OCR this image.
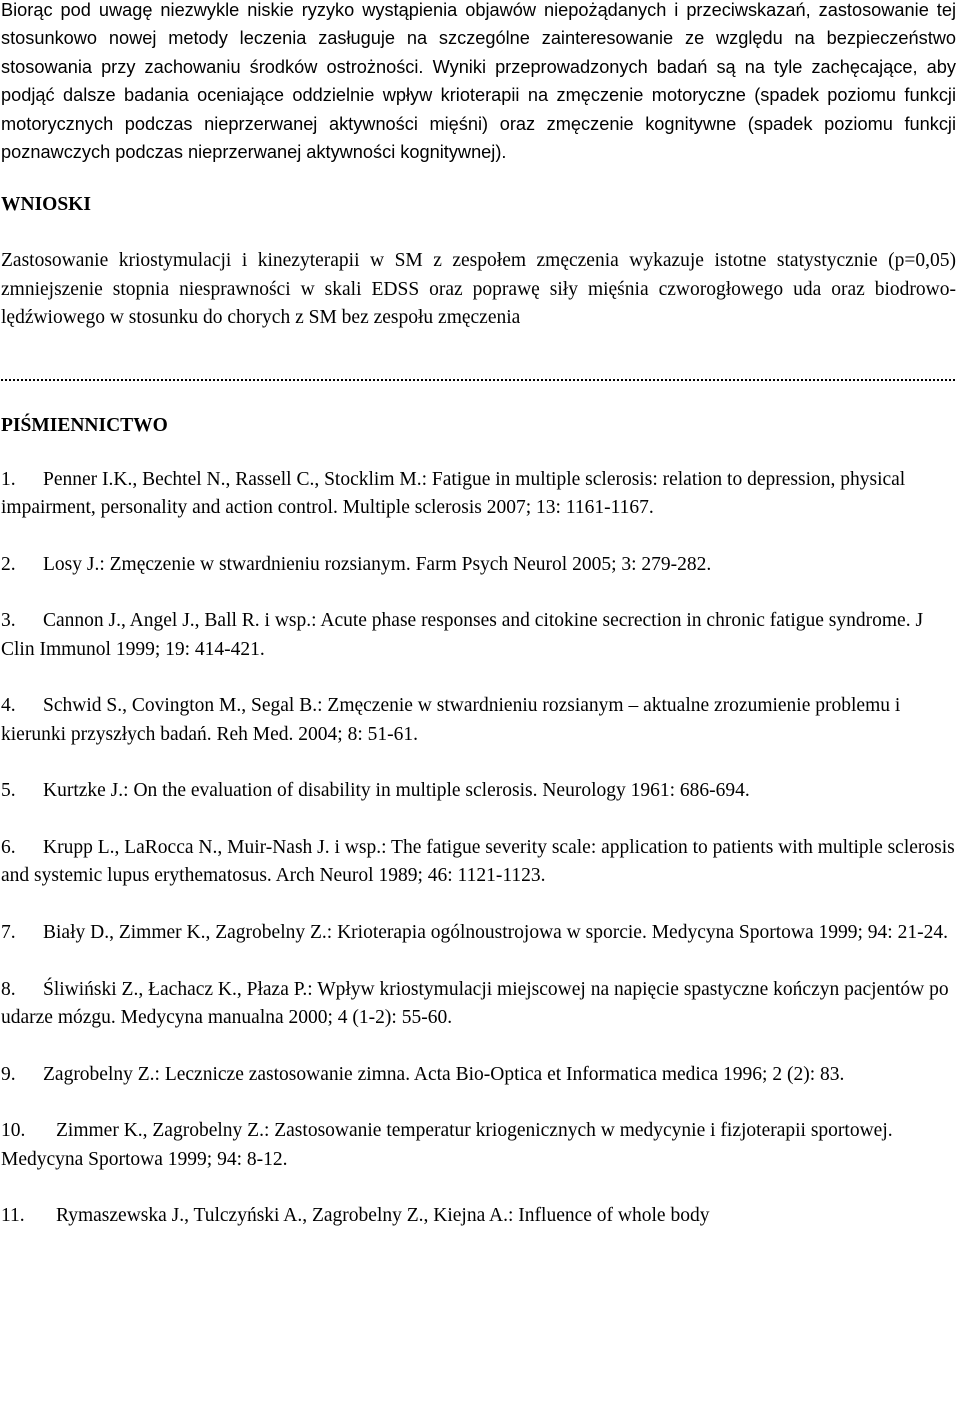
Biorąc pod uwagę niezwykle niskie ryzyko wystąpienia objawów niepożądanych i przeciwskazań, zastosowanie tej stosunkowo nowej metody leczenia zasługuje na szczególne zainteresowanie ze względu na bezpieczeństwo stosowania przy zachowaniu środków ostrożności. Wyniki przeprowadzonych badań są na tyle zachęcające, aby podjąć dalsze badania oceniające oddzielnie wpływ krioterapii na zmęczenie motoryczne (spadek poziomu funkcji motorycznych podczas nieprzerwanej aktywności mięśni) oraz zmęczenie kognitywne (spadek poziomu funkcji poznawczych podczas nieprzerwanej aktywności kognitywnej).

WNIOSKI

Zastosowanie kriostymulacji i kinezyterapii w SM z zespołem zmęczenia wykazuje istotne statystycznie (p=0,05) zmniejszenie stopnia niesprawności w skali EDSS oraz poprawę siły mięśnia czworogłowego uda oraz biodrowo-lędźwiowego w stosunku do chorych z SM bez zespołu zmęczenia

PIŚMIENNICTWO
1. Penner I.K., Bechtel N., Rassell C., Stocklim M.: Fatigue in multiple sclerosis: relation to depression, physical impairment, personality and action control. Multiple sclerosis 2007; 13: 1161-1167.
2. Losy J.: Zmęczenie w stwardnieniu rozsianym. Farm Psych Neurol 2005; 3: 279-282.
3. Cannon J., Angel J., Ball R. i wsp.: Acute phase responses and citokine secrection in chronic fatigue syndrome. J Clin Immunol 1999; 19: 414-421.
4. Schwid S., Covington M., Segal B.: Zmęczenie w stwardnieniu rozsianym – aktualne zrozumienie problemu i kierunki przyszłych badań. Reh Med. 2004; 8: 51-61.
5. Kurtzke J.: On the evaluation of disability in multiple sclerosis. Neurology 1961: 686-694.
6. Krupp L., LaRocca N., Muir-Nash J. i wsp.: The fatigue severity scale: application to patients with multiple sclerosis and systemic lupus erythematosus. Arch Neurol 1989; 46: 1121-1123.
7. Biały D., Zimmer K., Zagrobelny Z.: Krioterapia ogólnoustrojowa w sporcie. Medycyna Sportowa 1999; 94: 21-24.
8. Śliwiński Z., Łachacz K., Płaza P.: Wpływ kriostymulacji miejscowej na napięcie spastyczne kończyn pacjentów po udarze mózgu. Medycyna manualna 2000; 4 (1-2): 55-60.
9. Zagrobelny Z.: Lecznicze zastosowanie zimna. Acta Bio-Optica et Informatica medica 1996; 2 (2): 83.
10. Zimmer K., Zagrobelny Z.: Zastosowanie temperatur kriogenicznych w medycynie i fizjoterapii sportowej. Medycyna Sportowa 1999; 94: 8-12.
11. Rymaszewska J., Tulczyński A., Zagrobelny Z., Kiejna A.: Influence of whole body
